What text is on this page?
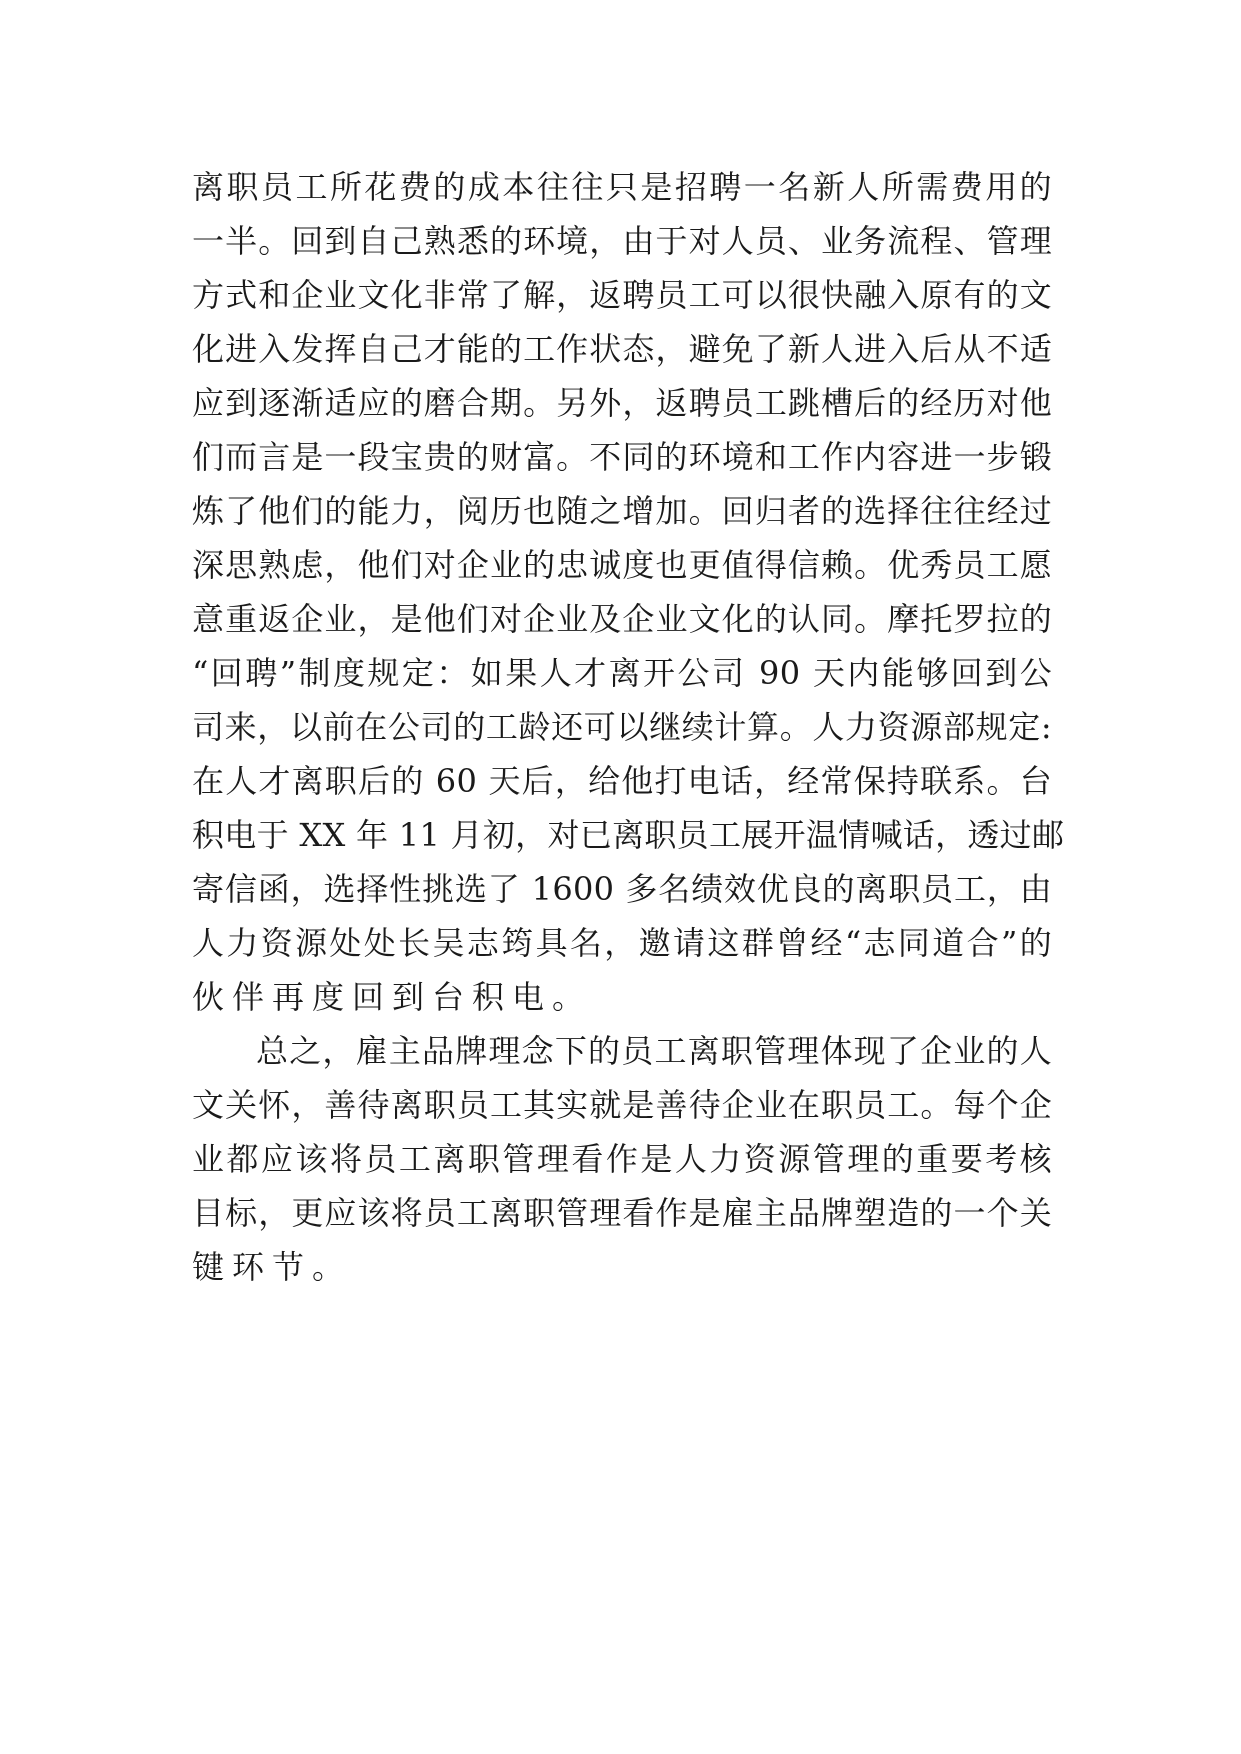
离职员工所花费的成本往往只是招聘一名新人所需费用的
一半。回到自己熟悉的环境，由于对人员、业务流程、管理
方式和企业文化非常了解，返聘员工可以很快融入原有的文
化进入发挥自己才能的工作状态，避免了新人进入后从不适
应到逐渐适应的磨合期。另外，返聘员工跳槽后的经历对他
们而言是一段宝贵的财富。不同的环境和工作内容进一步锻
炼了他们的能力，阅历也随之增加。回归者的选择往往经过
深思熟虑，他们对企业的忠诚度也更值得信赖。优秀员工愿
意重返企业，是他们对企业及企业文化的认同。摩托罗拉的
“回聘”制度规定：如果人才离开公司 90 天内能够回到公
司来，以前在公司的工龄还可以继续计算。人力资源部规定:
在人才离职后的 60 天后，给他打电话，经常保持联系。台
积电于 XX 年 11 月初，对已离职员工展开温情喊话，透过邮
寄信函，选择性挑选了 1600 多名绩效优良的离职员工，由
人力资源处处长吴志筠具名，邀请这群曾经“志同道合”的
伙伴再度回到台积电。
总之，雇主品牌理念下的员工离职管理体现了企业的人
文关怀，善待离职员工其实就是善待企业在职员工。每个企
业都应该将员工离职管理看作是人力资源管理的重要考核
目标，更应该将员工离职管理看作是雇主品牌塑造的一个关
键环节。
